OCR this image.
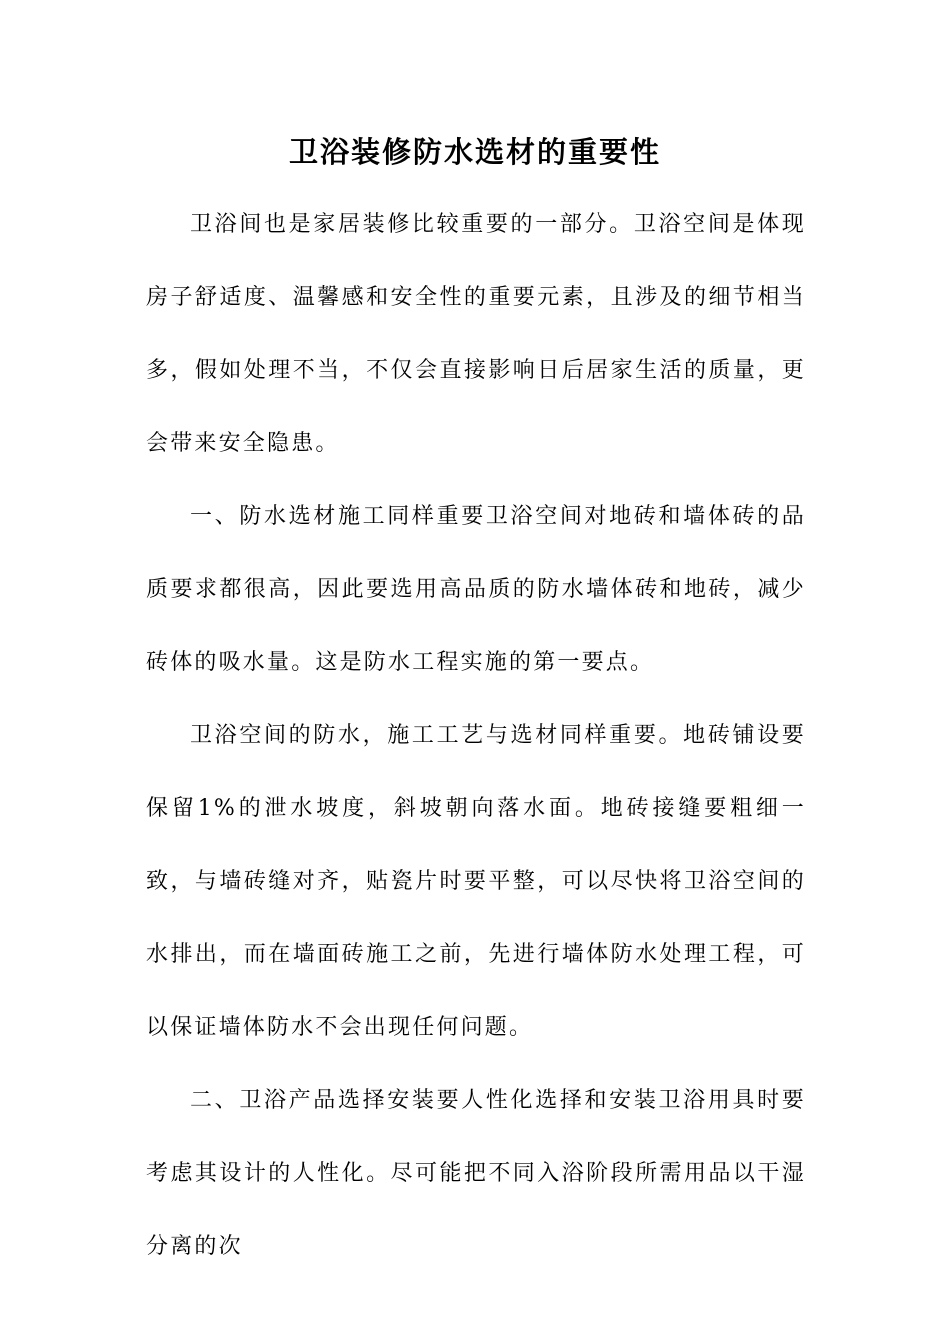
卫浴装修防水选材的重要性

卫浴间也是家居装修比较重要的一部分。卫浴空间是体现房子舒适度、温馨感和安全性的重要元素，且涉及的细节相当多，假如处理不当，不仅会直接影响日后居家生活的质量，更会带来安全隐患。

一、防水选材施工同样重要卫浴空间对地砖和墙体砖的品质要求都很高，因此要选用高品质的防水墙体砖和地砖，减少砖体的吸水量。这是防水工程实施的第一要点。

卫浴空间的防水，施工工艺与选材同样重要。地砖铺设要保留1%的泄水坡度，斜坡朝向落水面。地砖接缝要粗细一致，与墙砖缝对齐，贴瓷片时要平整，可以尽快将卫浴空间的水排出，而在墙面砖施工之前，先进行墙体防水处理工程，可以保证墙体防水不会出现任何问题。

二、卫浴产品选择安装要人性化选择和安装卫浴用具时要考虑其设计的人性化。尽可能把不同入浴阶段所需用品以干湿分离的次
